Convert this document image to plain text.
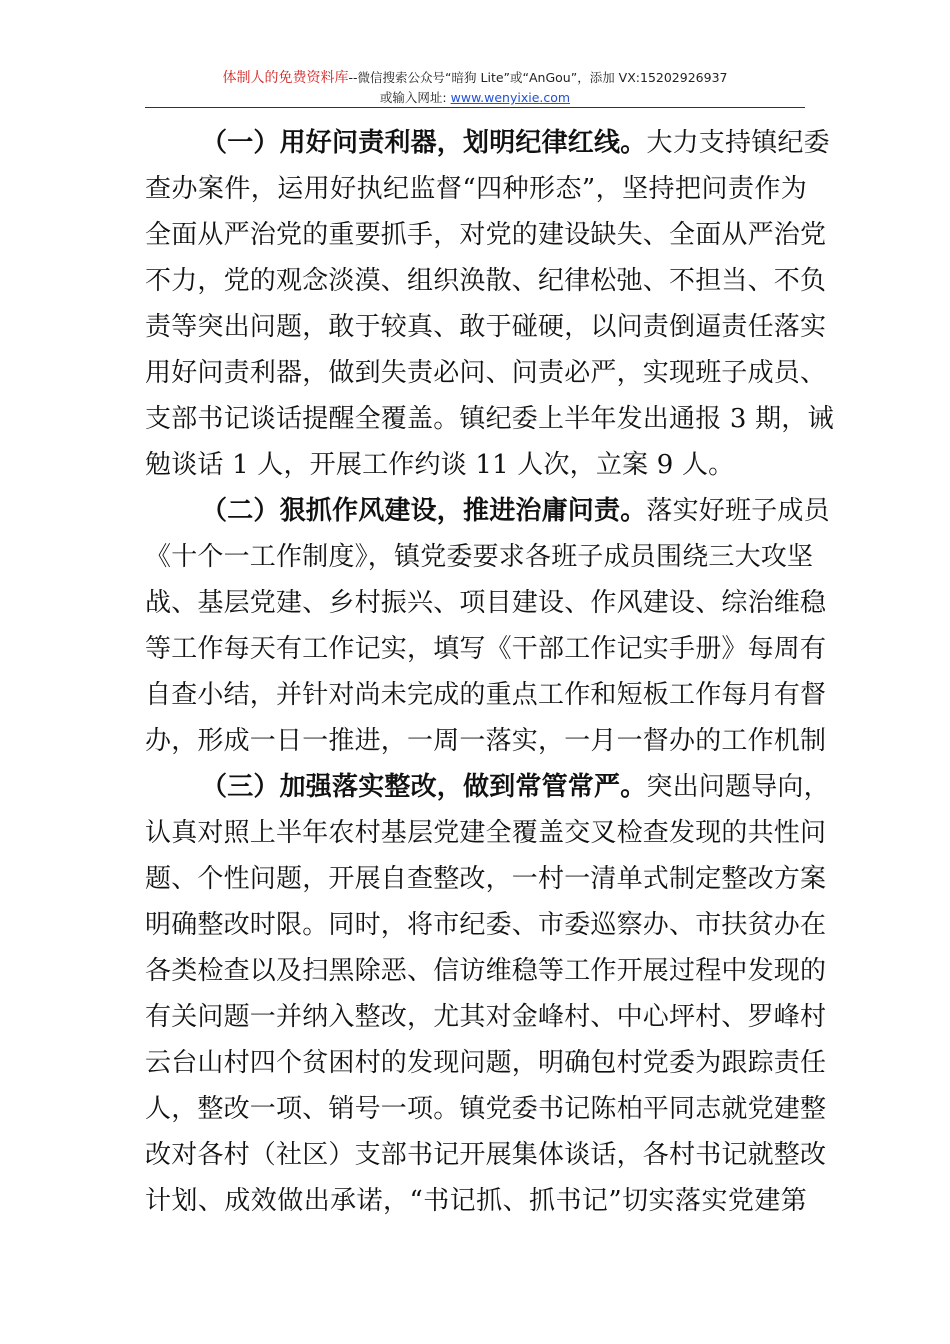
体制人的免费资料库--微信搜索公众号“暗狗 Lite”或“AnGou”，添加 VX:15202926937
或输入网址: www.wenyixie.com
（一）用好问责利器，划明纪律红线。大力支持镇纪委
查办案件，运用好执纪监督“四种形态”，坚持把问责作为
全面从严治党的重要抓手，对党的建设缺失、全面从严治党
不力，党的观念淡漠、组织涣散、纪律松弛、不担当、不负
责等突出问题，敢于较真、敢于碰硬，以问责倒逼责任落实
用好问责利器，做到失责必问、问责必严，实现班子成员、
支部书记谈话提醒全覆盖。镇纪委上半年发出通报 3 期，诫
勉谈话 1 人，开展工作约谈 11 人次，立案 9 人。
（二）狠抓作风建设，推进治庸问责。落实好班子成员
《十个一工作制度》，镇党委要求各班子成员围绕三大攻坚
战、基层党建、乡村振兴、项目建设、作风建设、综治维稳
等工作每天有工作记实，填写《干部工作记实手册》每周有
自查小结，并针对尚未完成的重点工作和短板工作每月有督
办，形成一日一推进，一周一落实，一月一督办的工作机制
（三）加强落实整改，做到常管常严。突出问题导向，
认真对照上半年农村基层党建全覆盖交叉检查发现的共性问
题、个性问题，开展自查整改，一村一清单式制定整改方案
明确整改时限。同时，将市纪委、市委巡察办、市扶贫办在
各类检查以及扫黑除恶、信访维稳等工作开展过程中发现的
有关问题一并纳入整改，尤其对金峰村、中心坪村、罗峰村
云台山村四个贫困村的发现问题，明确包村党委为跟踪责任
人，整改一项、销号一项。镇党委书记陈柏平同志就党建整
改对各村（社区）支部书记开展集体谈话，各村书记就整改
计划、成效做出承诺，“书记抓、抓书记”切实落实党建第
